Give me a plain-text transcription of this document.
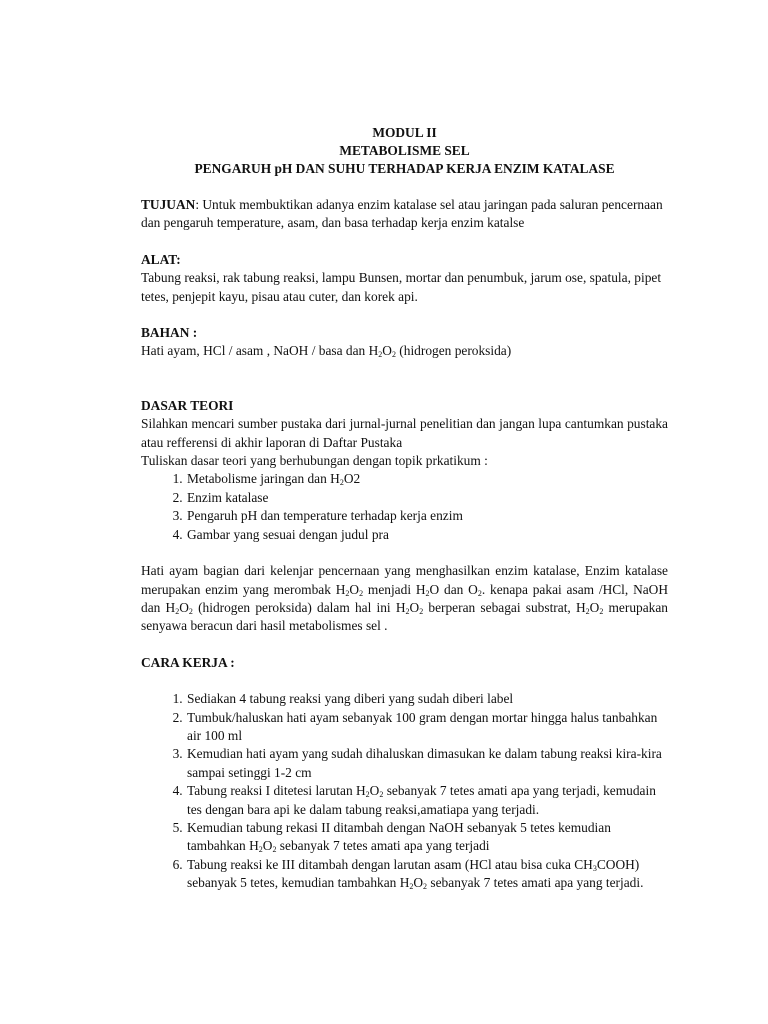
MODUL II

METABOLISME SEL

PENGARUH pH DAN SUHU TERHADAP KERJA ENZIM KATALASE

TUJUAN: Untuk membuktikan adanya enzim katalase sel atau jaringan pada saluran pencernaan dan pengaruh temperature, asam, dan basa terhadap kerja enzim katalse

ALAT:

Tabung reaksi, rak tabung reaksi, lampu Bunsen, mortar dan penumbuk, jarum ose, spatula, pipet tetes, penjepit kayu, pisau atau cuter, dan korek api.

BAHAN :

Hati ayam, HCl / asam , NaOH / basa dan $H_2O_2$ (hidrogen peroksida)

DASAR TEORI

Silahkan mencari sumber pustaka dari jurnal-jurnal penelitian dan jangan lupa cantumkan pustaka atau refferensi di akhir laporan di Daftar Pustaka

Tuliskan dasar teori yang berhubungan dengan topik prkatikum :

1. Metabolisme jaringan dan $H_2O2$
2. Enzim katalase
3. Pengaruh pH dan temperature terhadap kerja enzim
4. Gambar yang sesuai dengan judul pra

Hati ayam bagian dari kelenjar pencernaan yang menghasilkan enzim katalase, Enzim katalase merupakan enzim yang merombak $H_2O_2$ menjadi $H_2O$ dan $O_2$. kenapa pakai asam /HCl, NaOH dan $H_2O_2$ (hidrogen peroksida) dalam hal ini $H_2O_2$ berperan sebagai substrat, $H_2O_2$ merupakan senyawa beracun dari hasil metabolismes sel .

CARA KERJA :

1. Sediakan 4 tabung reaksi yang diberi yang sudah diberi label
2. Tumbuk/haluskan hati ayam sebanyak 100 gram dengan mortar hingga halus tanbahkan air 100 ml
3. Kemudian hati ayam yang sudah dihaluskan dimasukan ke dalam tabung reaksi kira-kira sampai setinggi 1-2 cm
4. Tabung reaksi I ditetesi larutan $H_2O_2$ sebanyak 7 tetes amati apa yang terjadi, kemudain tes dengan bara api ke dalam tabung reaksi,amatiapa yang terjadi.
5. Kemudian tabung rekasi II ditambah dengan NaOH sebanyak 5 tetes kemudian tambahkan $H_2O_2$ sebanyak 7 tetes amati apa yang terjadi
6. Tabung reaksi ke III ditambah dengan larutan asam (HCl atau bisa cuka $CH_3COOH$) sebanyak 5 tetes, kemudian tambahkan $H_2O_2$ sebanyak 7 tetes amati apa yang terjadi.
